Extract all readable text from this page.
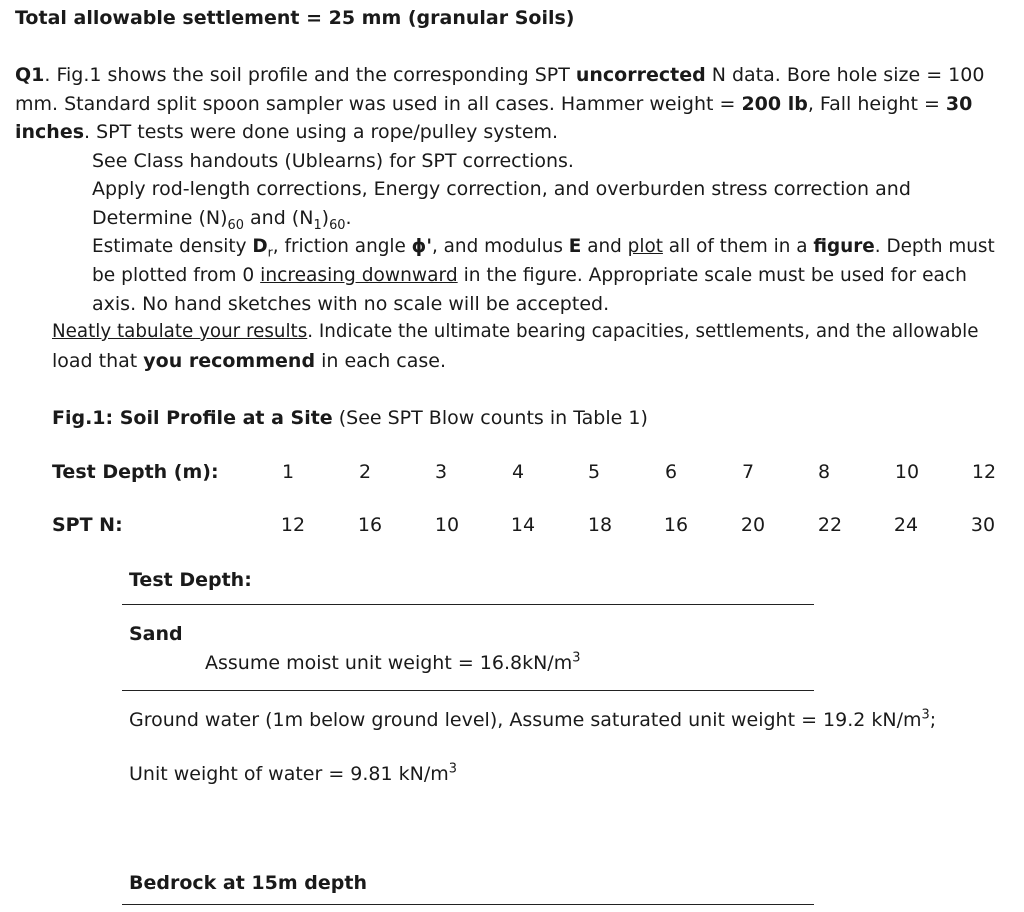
Total allowable settlement = 25 mm (granular Soils)
Q1. Fig.1 shows the soil profile and the corresponding SPT uncorrected N data. Bore hole size = 100
mm. Standard split spoon sampler was used in all cases. Hammer weight = 200 lb, Fall height = 30
inches. SPT tests were done using a rope/pulley system.
See Class handouts (Ublearns) for SPT corrections.
Apply rod-length corrections, Energy correction, and overburden stress correction and
Determine $(N)_{60}$ and $(N_1)_{60}$.
Estimate density $D_r$, friction angle ϕ', and modulus E and plot all of them in a figure. Depth must
be plotted from 0 increasing downward in the figure. Appropriate scale must be used for each
axis. No hand sketches with no scale will be accepted.
Neatly tabulate your results. Indicate the ultimate bearing capacities, settlements, and the allowable
load that you recommend in each case.
Fig.1: Soil Profile at a Site (See SPT Blow counts in Table 1)
Test Depth (m):	1	2	3	4	5	6	7	8	10	12
SPT N:	12	16	10	14	18	16	20	22	24	30
Test Depth:
Sand
Assume moist unit weight = $16.8kN/m^3$
Ground water (1m below ground level), Assume saturated unit weight = 19.2 $kN/m^3$;
Unit weight of water = 9.81 $kN/m^3$
Bedrock at 15m depth
